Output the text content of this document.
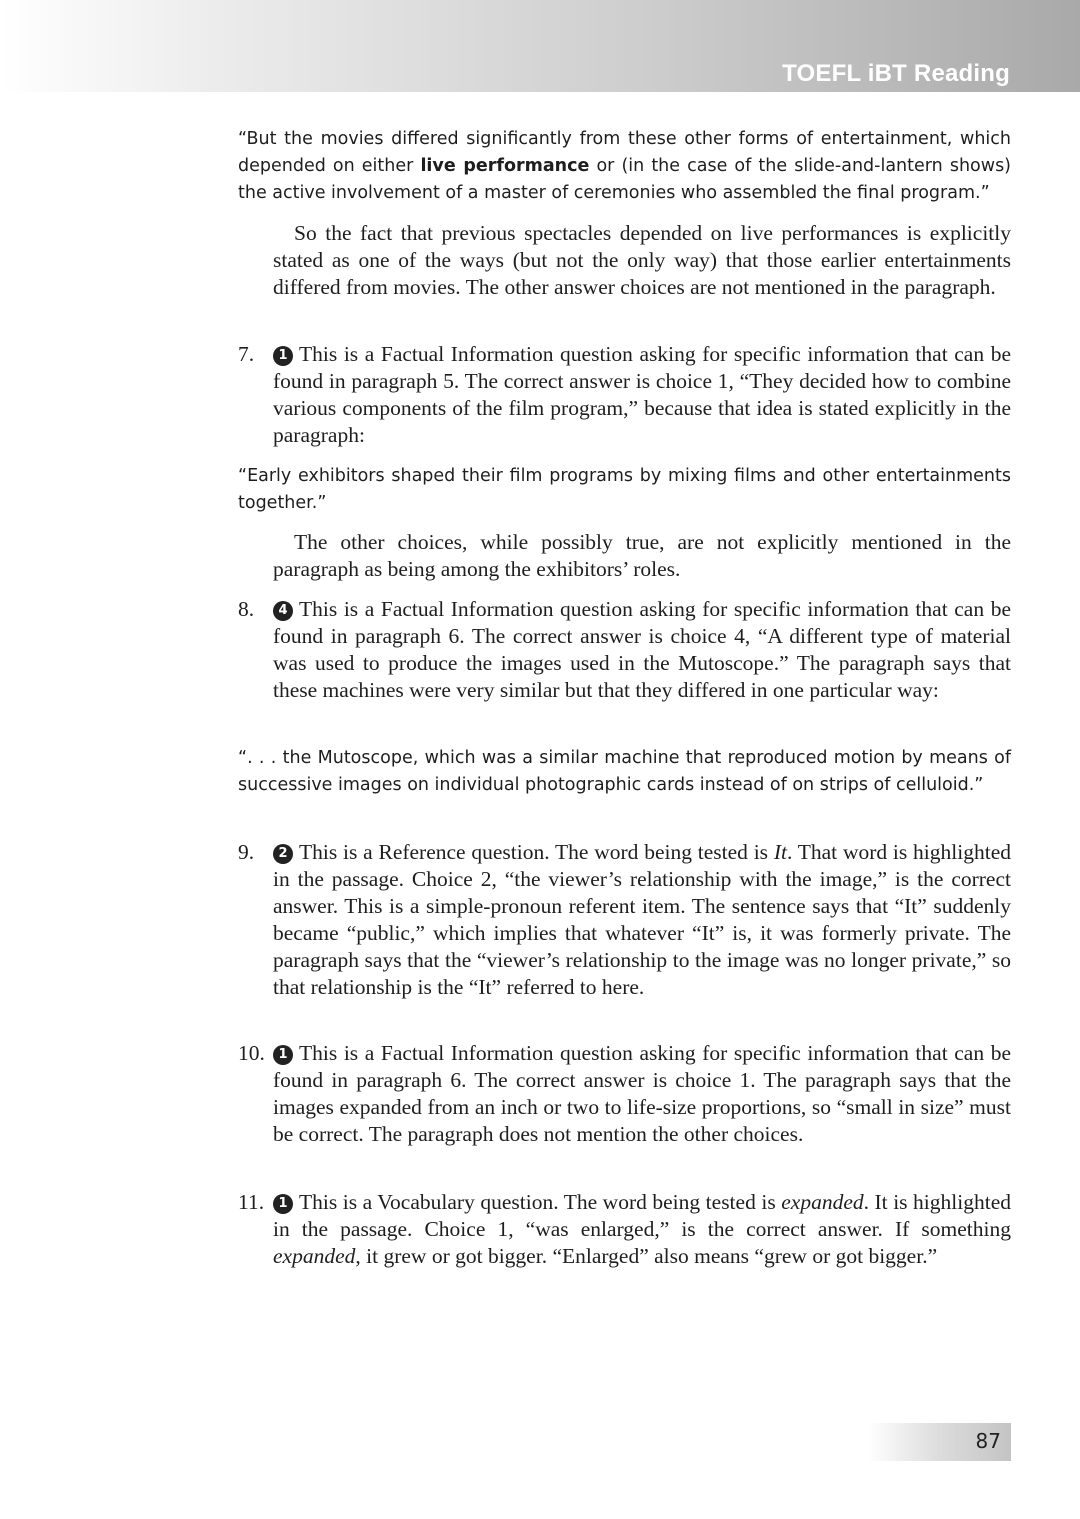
TOEFL iBT Reading
“But the movies differed significantly from these other forms of entertainment, which depended on either live performance or (in the case of the slide-and-lantern shows) the active involvement of a master of ceremonies who assembled the final program.”
So the fact that previous spectacles depended on live performances is explicitly stated as one of the ways (but not the only way) that those earlier entertainments differed from movies. The other answer choices are not mentioned in the paragraph.
7.	1 This is a Factual Information question asking for specific information that can be found in paragraph 5. The correct answer is choice 1, “They decided how to combine various components of the film program,” because that idea is stated explicitly in the paragraph:
“Early exhibitors shaped their film programs by mixing films and other entertainments together.”
The other choices, while possibly true, are not explicitly mentioned in the paragraph as being among the exhibitors’ roles.
8.	4 This is a Factual Information question asking for specific information that can be found in paragraph 6. The correct answer is choice 4, “A different type of material was used to produce the images used in the Mutoscope.” The paragraph says that these machines were very similar but that they differed in one particular way:
“. . . the Mutoscope, which was a similar machine that reproduced motion by means of successive images on individual photographic cards instead of on strips of celluloid.”
9.	2 This is a Reference question. The word being tested is It. That word is highlighted in the passage. Choice 2, “the viewer’s relationship with the image,” is the correct answer. This is a simple-pronoun referent item. The sentence says that “It” suddenly became “public,” which implies that whatever “It” is, it was formerly private. The paragraph says that the “viewer’s relationship to the image was no longer private,” so that relationship is the “It” referred to here.
10.	1 This is a Factual Information question asking for specific information that can be found in paragraph 6. The correct answer is choice 1. The paragraph says that the images expanded from an inch or two to life-size proportions, so “small in size” must be correct. The paragraph does not mention the other choices.
11.	1 This is a Vocabulary question. The word being tested is expanded. It is highlighted in the passage. Choice 1, “was enlarged,” is the correct answer. If something expanded, it grew or got bigger. “Enlarged” also means “grew or got bigger.”
87
